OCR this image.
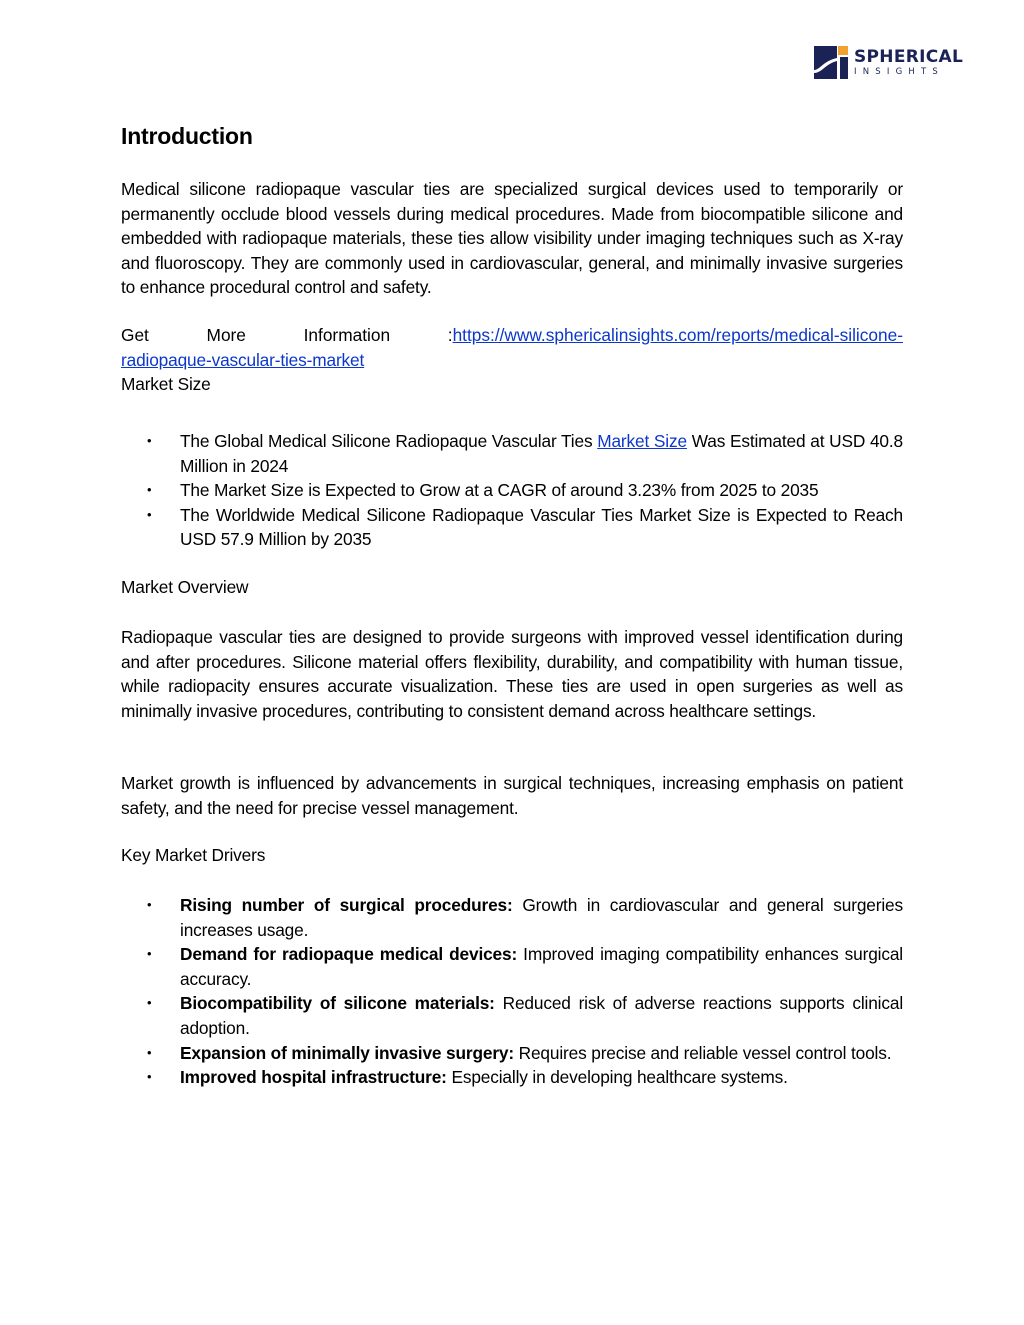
SPHERICAL
INSIGHTS
Introduction

Medical silicone radiopaque vascular ties are specialized surgical devices used to temporarily or permanently occlude blood vessels during medical procedures. Made from biocompatible silicone and embedded with radiopaque materials, these ties allow visibility under imaging techniques such as X-ray and fluoroscopy. They are commonly used in cardiovascular, general, and minimally invasive surgeries to enhance procedural control and safety.

Get	More	Information	:https://www.sphericalinsights.com/reports/medical-silicone-
radiopaque-vascular-ties-market
Market Size
• The Global Medical Silicone Radiopaque Vascular Ties Market Size Was Estimated at USD 40.8 Million in 2024
• The Market Size is Expected to Grow at a CAGR of around 3.23% from 2025 to 2035
• The Worldwide Medical Silicone Radiopaque Vascular Ties Market Size is Expected to Reach USD 57.9 Million by 2035
Market Overview

Radiopaque vascular ties are designed to provide surgeons with improved vessel identification during and after procedures. Silicone material offers flexibility, durability, and compatibility with human tissue, while radiopacity ensures accurate visualization. These ties are used in open surgeries as well as minimally invasive procedures, contributing to consistent demand across healthcare settings.

Market growth is influenced by advancements in surgical techniques, increasing emphasis on patient safety, and the need for precise vessel management.

Key Market Drivers
• Rising number of surgical procedures: Growth in cardiovascular and general surgeries increases usage.
• Demand for radiopaque medical devices: Improved imaging compatibility enhances surgical accuracy.
• Biocompatibility of silicone materials: Reduced risk of adverse reactions supports clinical adoption.
• Expansion of minimally invasive surgery: Requires precise and reliable vessel control tools.
• Improved hospital infrastructure: Especially in developing healthcare systems.
